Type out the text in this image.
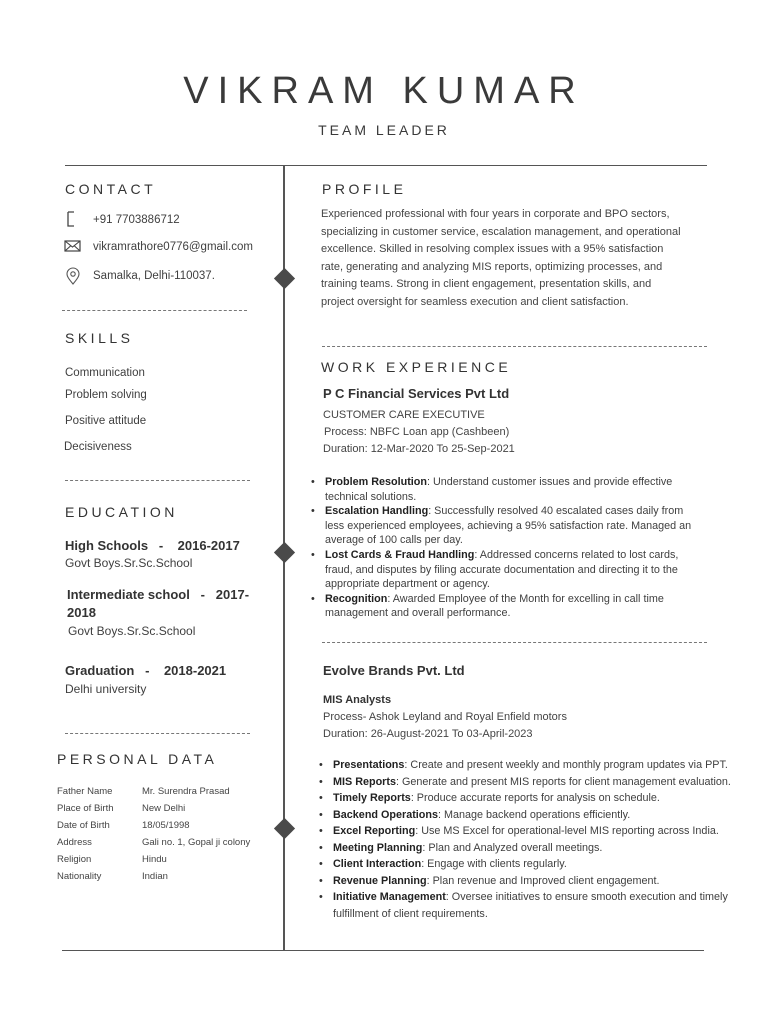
VIKRAM KUMAR
TEAM LEADER
CONTACT
+91 7703886712
vikramrathore0776@gmail.com
Samalka, Delhi-110037.
SKILLS
Communication
Problem solving
Positive attitude
Decisiveness
EDUCATION
High Schools   -    2016-2017
Govt Boys.Sr.Sc.School
Intermediate school   -   2017-2018
Govt Boys.Sr.Sc.School
Graduation   -    2018-2021
Delhi university
PERSONAL DATA
Father Name	Mr. Surendra Prasad
Place of Birth	New Delhi
Date of Birth	18/05/1998
Address	Gali no. 1, Gopal ji colony
Religion	Hindu
Nationality	Indian
PROFILE
Experienced professional with four years in corporate and BPO sectors,
specializing in customer service, escalation management, and operational
excellence. Skilled in resolving complex issues with a 95% satisfaction
rate, generating and analyzing MIS reports, optimizing processes, and
training teams. Strong in client engagement, presentation skills, and
project oversight for seamless execution and client satisfaction.
WORK EXPERIENCE
P C Financial Services Pvt Ltd
CUSTOMER CARE EXECUTIVE
Process: NBFC Loan app (Cashbeen)
Duration: 12-Mar-2020 To 25-Sep-2021
• Problem Resolution: Understand customer issues and provide effective
technical solutions.
• Escalation Handling: Successfully resolved 40 escalated cases daily from
less experienced employees, achieving a 95% satisfaction rate. Managed an
average of 100 calls per day.
• Lost Cards & Fraud Handling: Addressed concerns related to lost cards,
fraud, and disputes by filing accurate documentation and directing it to the
appropriate department or agency.
• Recognition: Awarded Employee of the Month for excelling in call time
management and overall performance.
Evolve Brands Pvt. Ltd
MIS Analysts
Process- Ashok Leyland and Royal Enfield motors
Duration: 26-August-2021 To 03-April-2023
• Presentations: Create and present weekly and monthly program updates via PPT.
• MIS Reports: Generate and present MIS reports for client management evaluation.
• Timely Reports: Produce accurate reports for analysis on schedule.
• Backend Operations: Manage backend operations efficiently.
• Excel Reporting: Use MS Excel for operational-level MIS reporting across India.
• Meeting Planning: Plan and Analyzed overall meetings.
• Client Interaction: Engage with clients regularly.
• Revenue Planning: Plan revenue and Improved client engagement.
• Initiative Management: Oversee initiatives to ensure smooth execution and timely
fulfillment of client requirements.
